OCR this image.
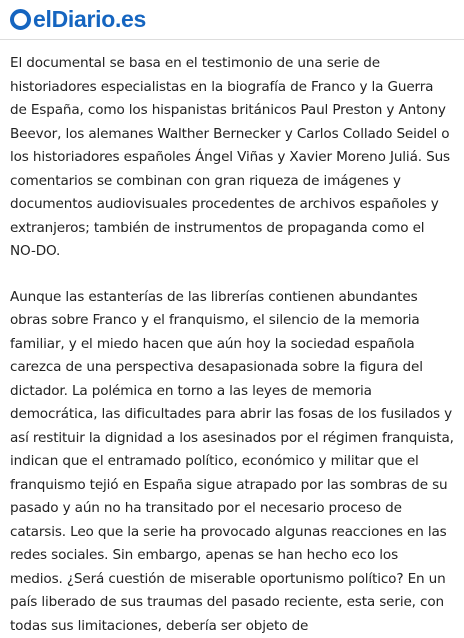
elDiario.es

El documental se basa en el testimonio de una serie de historiadores especialistas en la biografía de Franco y la Guerra de España, como los hispanistas británicos Paul Preston y Antony Beevor, los alemanes Walther Bernecker y Carlos Collado Seidel o los historiadores españoles Ángel Viñas y Xavier Moreno Juliá. Sus comentarios se combinan con gran riqueza de imágenes y documentos audiovisuales procedentes de archivos españoles y extranjeros; también de instrumentos de propaganda como el NO-DO.

Aunque las estanterías de las librerías contienen abundantes obras sobre Franco y el franquismo, el silencio de la memoria familiar, y el miedo hacen que aún hoy la sociedad española carezca de una perspectiva desapasionada sobre la figura del dictador. La polémica en torno a las leyes de memoria democrática, las dificultades para abrir las fosas de los fusilados y así restituir la dignidad a los asesinados por el régimen franquista, indican que el entramado político, económico y militar que el franquismo tejió en España sigue atrapado por las sombras de su pasado y aún no ha transitado por el necesario proceso de catarsis. Leo que la serie ha provocado algunas reacciones en las redes sociales. Sin embargo, apenas se han hecho eco los medios. ¿Será cuestión de miserable oportunismo político? En un país liberado de sus traumas del pasado reciente, esta serie, con todas sus limitaciones, debería ser objeto de
